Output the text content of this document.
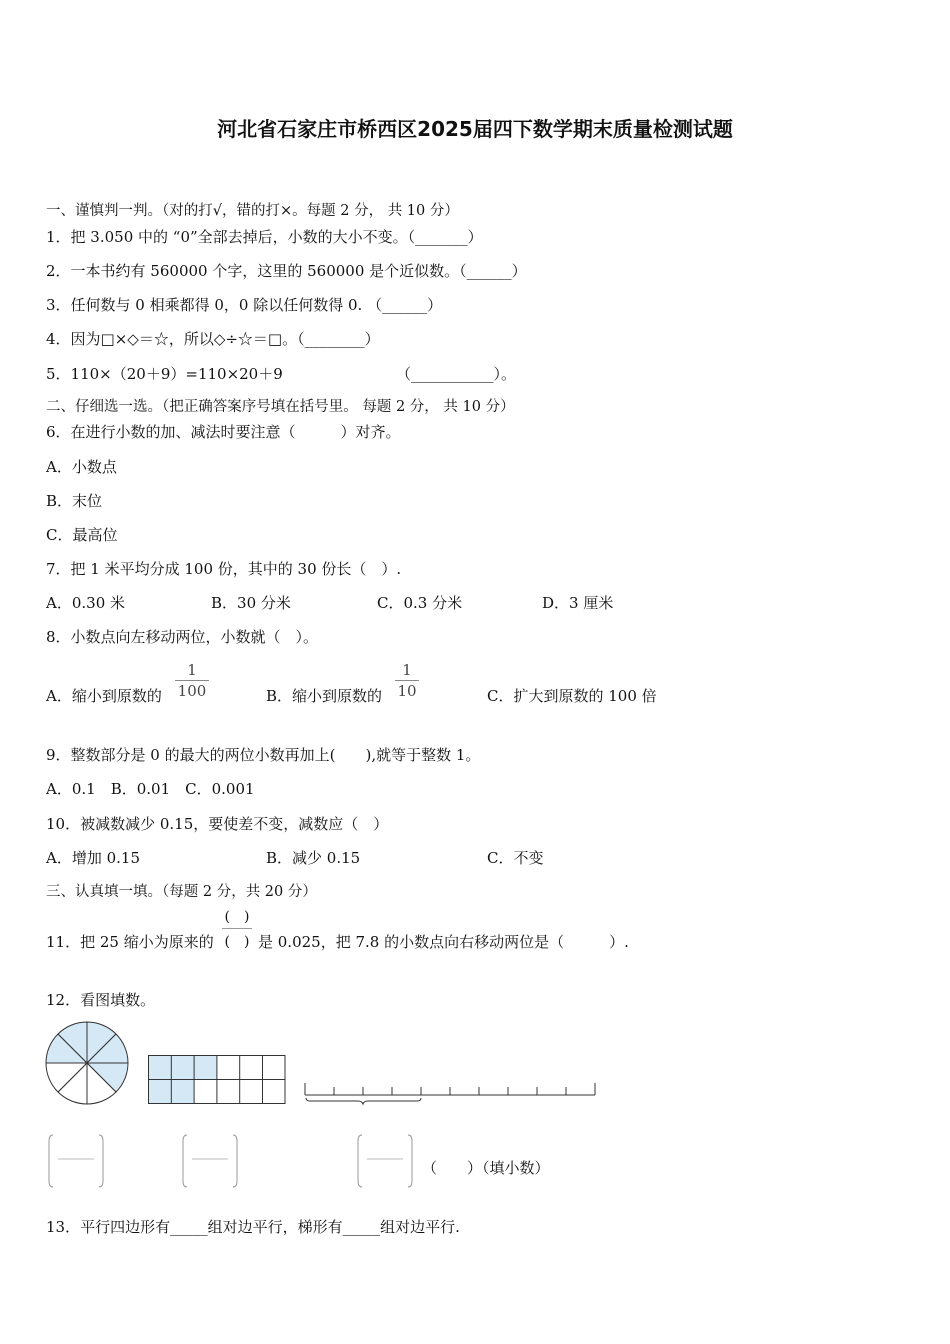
河北省石家庄市桥西区2025届四下数学期末质量检测试题
一、谨慎判一判。（对的打√，错的打×。每题 2 分， 共 10 分）
1．把 3.050 中的 “0”全部去掉后，小数的大小不变。（_______）
2．一本书约有 560000 个字，这里的 560000 是个近似数。（______）
3．任何数与 0 相乘都得 0，0 除以任何数得 0. （______）
4．因为□×◇＝☆，所以◇÷☆＝□。（________）
5．110×（20＋9）=110×20＋9	（___________）。
二、仔细选一选。（把正确答案序号填在括号里。 每题 2 分， 共 10 分）
6．在进行小数的加、减法时要注意（　　　）对齐。
A．小数点
B．末位
C．最高位
7．把 1 米平均分成 100 份，其中的 30 份长（　）.
A．0.30 米	B．30 分米	C．0.3 分米	D．3 厘米
8．小数点向左移动两位，小数就（　）。
A．缩小到原数的
1
100	B．缩小到原数的
1
10	C．扩大到原数的 100 倍
9．整数部分是 0 的最大的两位小数再加上(　　),就等于整数 1。
A．0.1　B．0.01　C．0.001
10．被减数减少 0.15，要使差不变，减数应（　）
A．增加 0.15	B．减少 0.15	C．不变
三、认真填一填。（每题 2 分，共 20 分）
11．把 25 缩小为原来的
(　)
(　) 是 0.025，把 7.8 的小数点向右移动两位是（　　　）.
12．看图填数。
（　　）（填小数）
13．平行四边形有_____组对边平行，梯形有_____组对边平行.
